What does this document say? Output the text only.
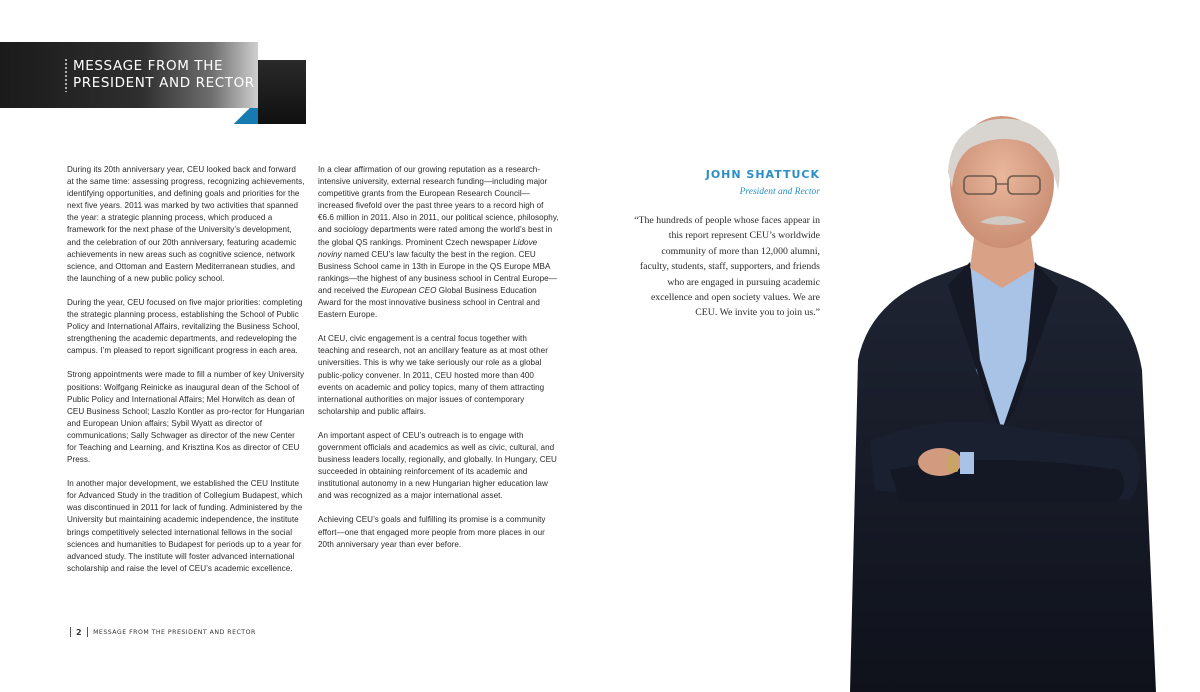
MESSAGE FROM THE
PRESIDENT AND RECTOR

During its 20th anniversary year, CEU looked back and forward at the same time: assessing progress, recognizing achievements, identifying opportunities, and defining goals and priorities for the next five years. 2011 was marked by two activities that spanned the year: a strategic planning process, which produced a framework for the next phase of the University’s development, and the celebration of our 20th anniversary, featuring academic achievements in new areas such as cognitive science, network science, and Ottoman and Eastern Mediterranean studies, and the launching of a new public policy school.

During the year, CEU focused on five major priorities: completing the strategic planning process, establishing the School of Public Policy and International Affairs, revitalizing the Business School, strengthening the academic departments, and redeveloping the campus. I’m pleased to report significant progress in each area.

Strong appointments were made to fill a number of key University positions: Wolfgang Reinicke as inaugural dean of the School of Public Policy and International Affairs; Mel Horwitch as dean of CEU Business School; Laszlo Kontler as pro-rector for Hungarian and European Union affairs; Sybil Wyatt as director of communications; Sally Schwager as director of the new Center for Teaching and Learning, and Krisztina Kos as director of CEU Press.

In another major development, we established the CEU Institute for Advanced Study in the tradition of Collegium Budapest, which was discontinued in 2011 for lack of funding. Administered by the University but maintaining academic independence, the institute brings competitively selected international fellows in the social sciences and humanities to Budapest for periods up to a year for advanced study. The institute will foster advanced international scholarship and raise the level of CEU’s academic excellence.

In a clear affirmation of our growing reputation as a research-intensive university, external research funding—including major competitive grants from the European Research Council—increased fivefold over the past three years to a record high of €6.6 million in 2011. Also in 2011, our political science, philosophy, and sociology departments were rated among the world’s best in the global QS rankings. Prominent Czech newspaper Lidove noviny named CEU’s law faculty the best in the region. CEU Business School came in 13th in Europe in the QS Europe MBA rankings—the highest of any business school in Central Europe—and received the European CEO Global Business Education Award for the most innovative business school in Central and Eastern Europe.

At CEU, civic engagement is a central focus together with teaching and research, not an ancillary feature as at most other universities. This is why we take seriously our role as a global public-policy convener. In 2011, CEU hosted more than 400 events on academic and policy topics, many of them attracting international authorities on major issues of contemporary scholarship and public affairs.

An important aspect of CEU’s outreach is to engage with government officials and academics as well as civic, cultural, and business leaders locally, regionally, and globally. In Hungary, CEU succeeded in obtaining reinforcement of its academic and institutional autonomy in a new Hungarian higher education law and was recognized as a major international asset.

Achieving CEU’s goals and fulfilling its promise is a community effort—one that engaged more people from more places in our 20th anniversary year than ever before.

2 MESSAGE FROM THE PRESIDENT AND RECTOR
JOHN SHATTUCK
President and Rector
“The hundreds of people whose faces appear in this report represent CEU’s worldwide community of more than 12,000 alumni, faculty, students, staff, supporters, and friends who are engaged in pursuing academic excellence and open society values. We are CEU. We invite you to join us.”
